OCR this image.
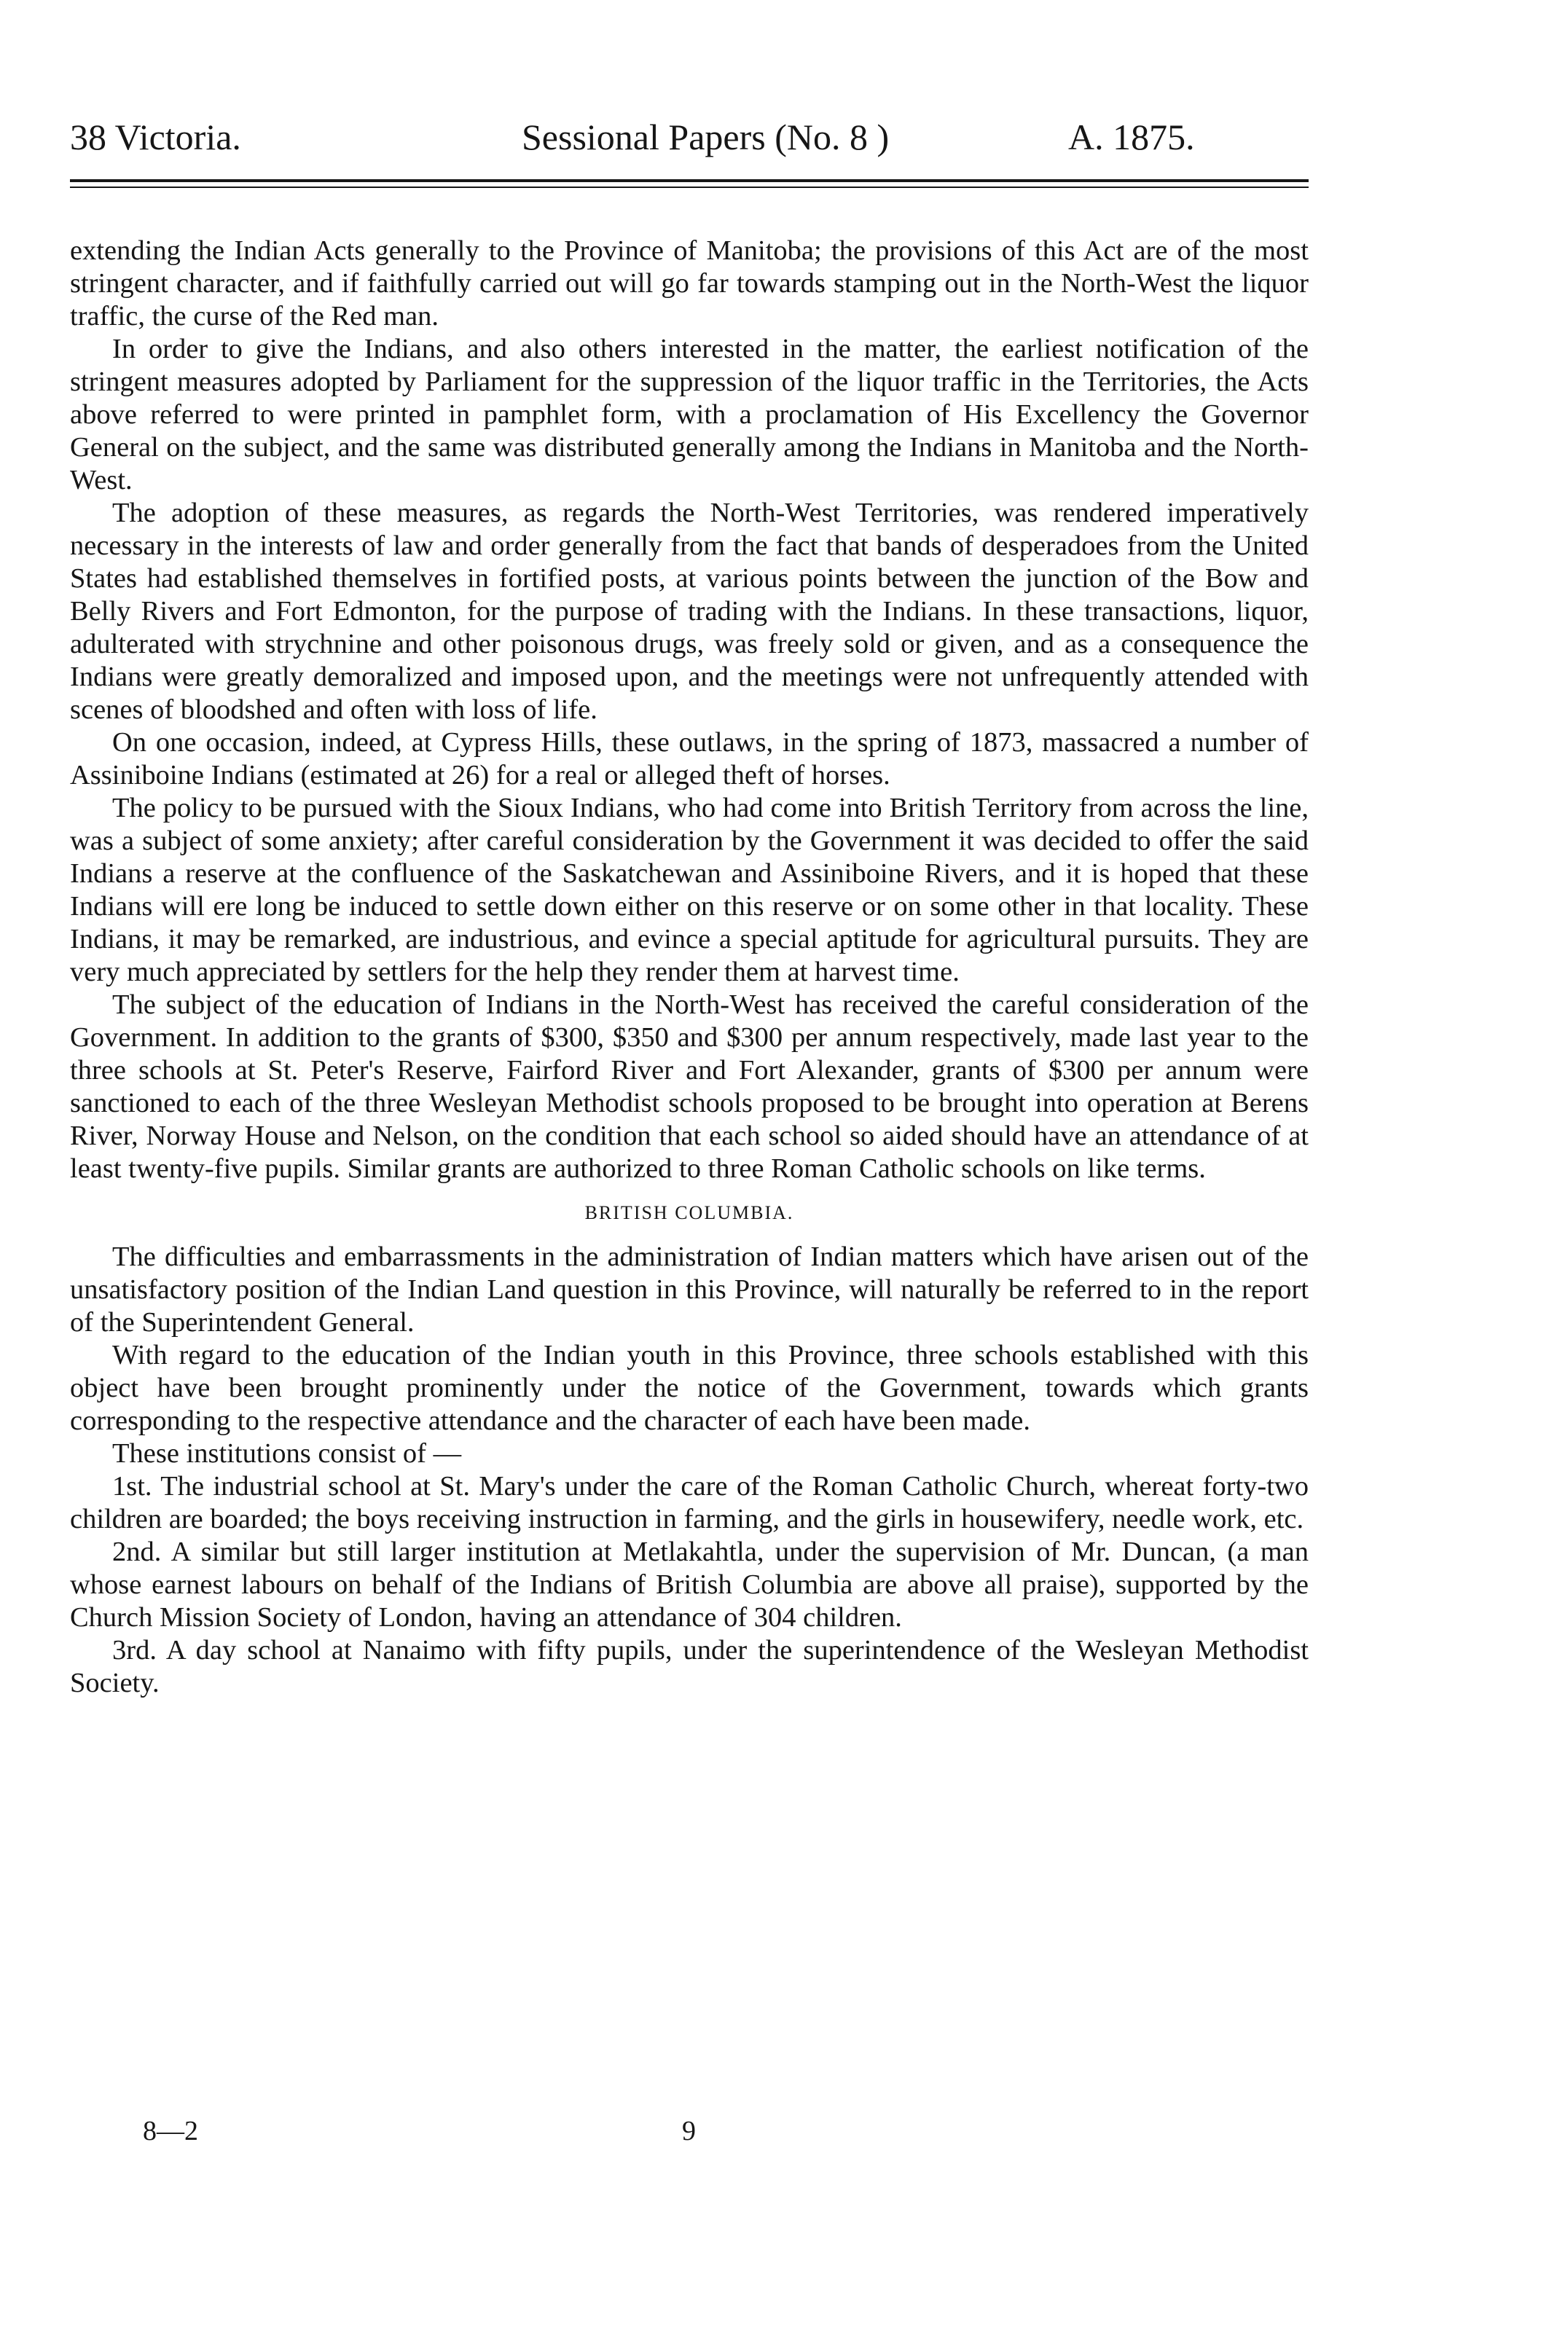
38 Victoria.	Sessional Papers (No. 8 )	A. 1875.

extending the Indian Acts generally to the Province of Manitoba; the provisions of this Act are of the most stringent character, and if faithfully carried out will go far towards stamping out in the North-West the liquor traffic, the curse of the Red man.

In order to give the Indians, and also others interested in the matter, the earliest notification of the stringent measures adopted by Parliament for the suppression of the liquor traffic in the Territories, the Acts above referred to were printed in pamphlet form, with a proclamation of His Excellency the Governor General on the subject, and the same was distributed generally among the Indians in Manitoba and the North-West.

The adoption of these measures, as regards the North-West Territories, was rendered imperatively necessary in the interests of law and order generally from the fact that bands of desperadoes from the United States had established themselves in fortified posts, at various points between the junction of the Bow and Belly Rivers and Fort Edmonton, for the purpose of trading with the Indians. In these transactions, liquor, adulterated with strychnine and other poisonous drugs, was freely sold or given, and as a consequence the Indians were greatly demoralized and imposed upon, and the meetings were not unfrequently attended with scenes of bloodshed and often with loss of life.

On one occasion, indeed, at Cypress Hills, these outlaws, in the spring of 1873, massacred a number of Assiniboine Indians (estimated at 26) for a real or alleged theft of horses.

The policy to be pursued with the Sioux Indians, who had come into British Territory from across the line, was a subject of some anxiety; after careful consideration by the Government it was decided to offer the said Indians a reserve at the confluence of the Saskatchewan and Assiniboine Rivers, and it is hoped that these Indians will ere long be induced to settle down either on this reserve or on some other in that locality. These Indians, it may be remarked, are industrious, and evince a special aptitude for agricultural pursuits. They are very much appreciated by settlers for the help they render them at harvest time.

The subject of the education of Indians in the North-West has received the careful consideration of the Government. In addition to the grants of $300, $350 and $300 per annum respectively, made last year to the three schools at St. Peter's Reserve, Fairford River and Fort Alexander, grants of $300 per annum were sanctioned to each of the three Wesleyan Methodist schools proposed to be brought into operation at Berens River, Norway House and Nelson, on the condition that each school so aided should have an attendance of at least twenty-five pupils. Similar grants are authorized to three Roman Catholic schools on like terms.

BRITISH COLUMBIA.

The difficulties and embarrassments in the administration of Indian matters which have arisen out of the unsatisfactory position of the Indian Land question in this Province, will naturally be referred to in the report of the Superintendent General.

With regard to the education of the Indian youth in this Province, three schools established with this object have been brought prominently under the notice of the Government, towards which grants corresponding to the respective attendance and the character of each have been made.

These institutions consist of —

1st. The industrial school at St. Mary's under the care of the Roman Catholic Church, whereat forty-two children are boarded; the boys receiving instruction in farming, and the girls in housewifery, needle work, etc.

2nd. A similar but still larger institution at Metlakahtla, under the supervision of Mr. Duncan, (a man whose earnest labours on behalf of the Indians of British Columbia are above all praise), supported by the Church Mission Society of London, having an attendance of 304 children.

3rd. A day school at Nanaimo with fifty pupils, under the superintendence of the Wesleyan Methodist Society.

8—2	9
